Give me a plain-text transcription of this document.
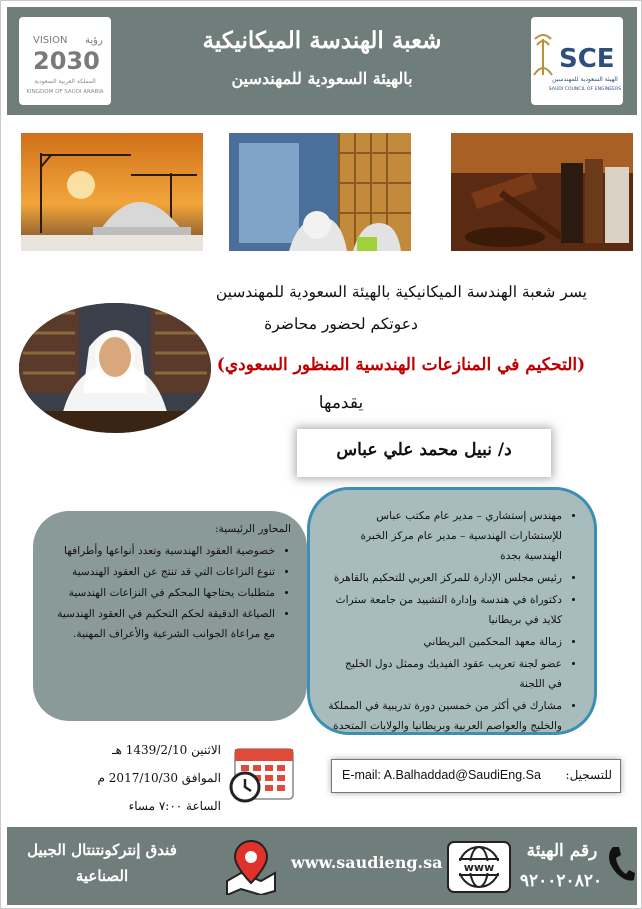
VISION رؤية
2030
المملكة العربية السعودية
KINGDOM OF SAUDI ARABIA
شعبة الهندسة الميكانيكية
بالهيئة السعودية للمهندسين
SCE
الهيئة السعودية للمهندسين
SAUDI COUNCIL OF ENGINEERS
يسر شعبة الهندسة الميكانيكية بالهيئة السعودية للمهندسين
دعوتكم لحضور محاضرة
(التحكيم في المنازعات الهندسية المنظور السعودي)
يقدمها
د/ نبيل محمد علي عباس
• مهندس إستشاري – مدير عام مكتب عباس للإستشارات الهندسية – مدير عام مركز الخبرة الهندسية بجدة
• رئيس مجلس الإدارة للمركز العربي للتحكيم بالقاهرة
• دكتوراة في هندسة وإدارة التشييد من جامعة ستراث كلايد في بريطانيا
• زمالة معهد المحكمين البريطاني
• عضو لجنة تعريب عقود الفيديك وممثل دول الخليج في اللجنة
• مشارك في أكثر من خمسين دورة تدريبية في المملكة والخليج والعواصم العربية وبريطانيا والولايات المتحدة
المحاور الرئيسية:
• خصوصية العقود الهندسية وتعدد أنواعها وأطرافها
• تنوع النزاعات التي قد تنتج عن العقود الهندسية
• متطلبات يحتاجها المحكم في النزاعات الهندسية
• الصياغة الدقيقة لحكم التحكيم في العقود الهندسية مع مراعاة الجوانب الشرعية والأعراف المهنية.
الاثنين 1439/2/10 هـ
الموافق 2017/10/30 م
الساعة ٧:٠٠ مساء
للتسجيل:
E-mail: A.Balhaddad@SaudiEng.Sa
فندق إنتركونتنتال الجبيل الصناعية
www.saudieng.sa www
رقم الهيئة
٩٢٠٠٢٠٨٢٠
